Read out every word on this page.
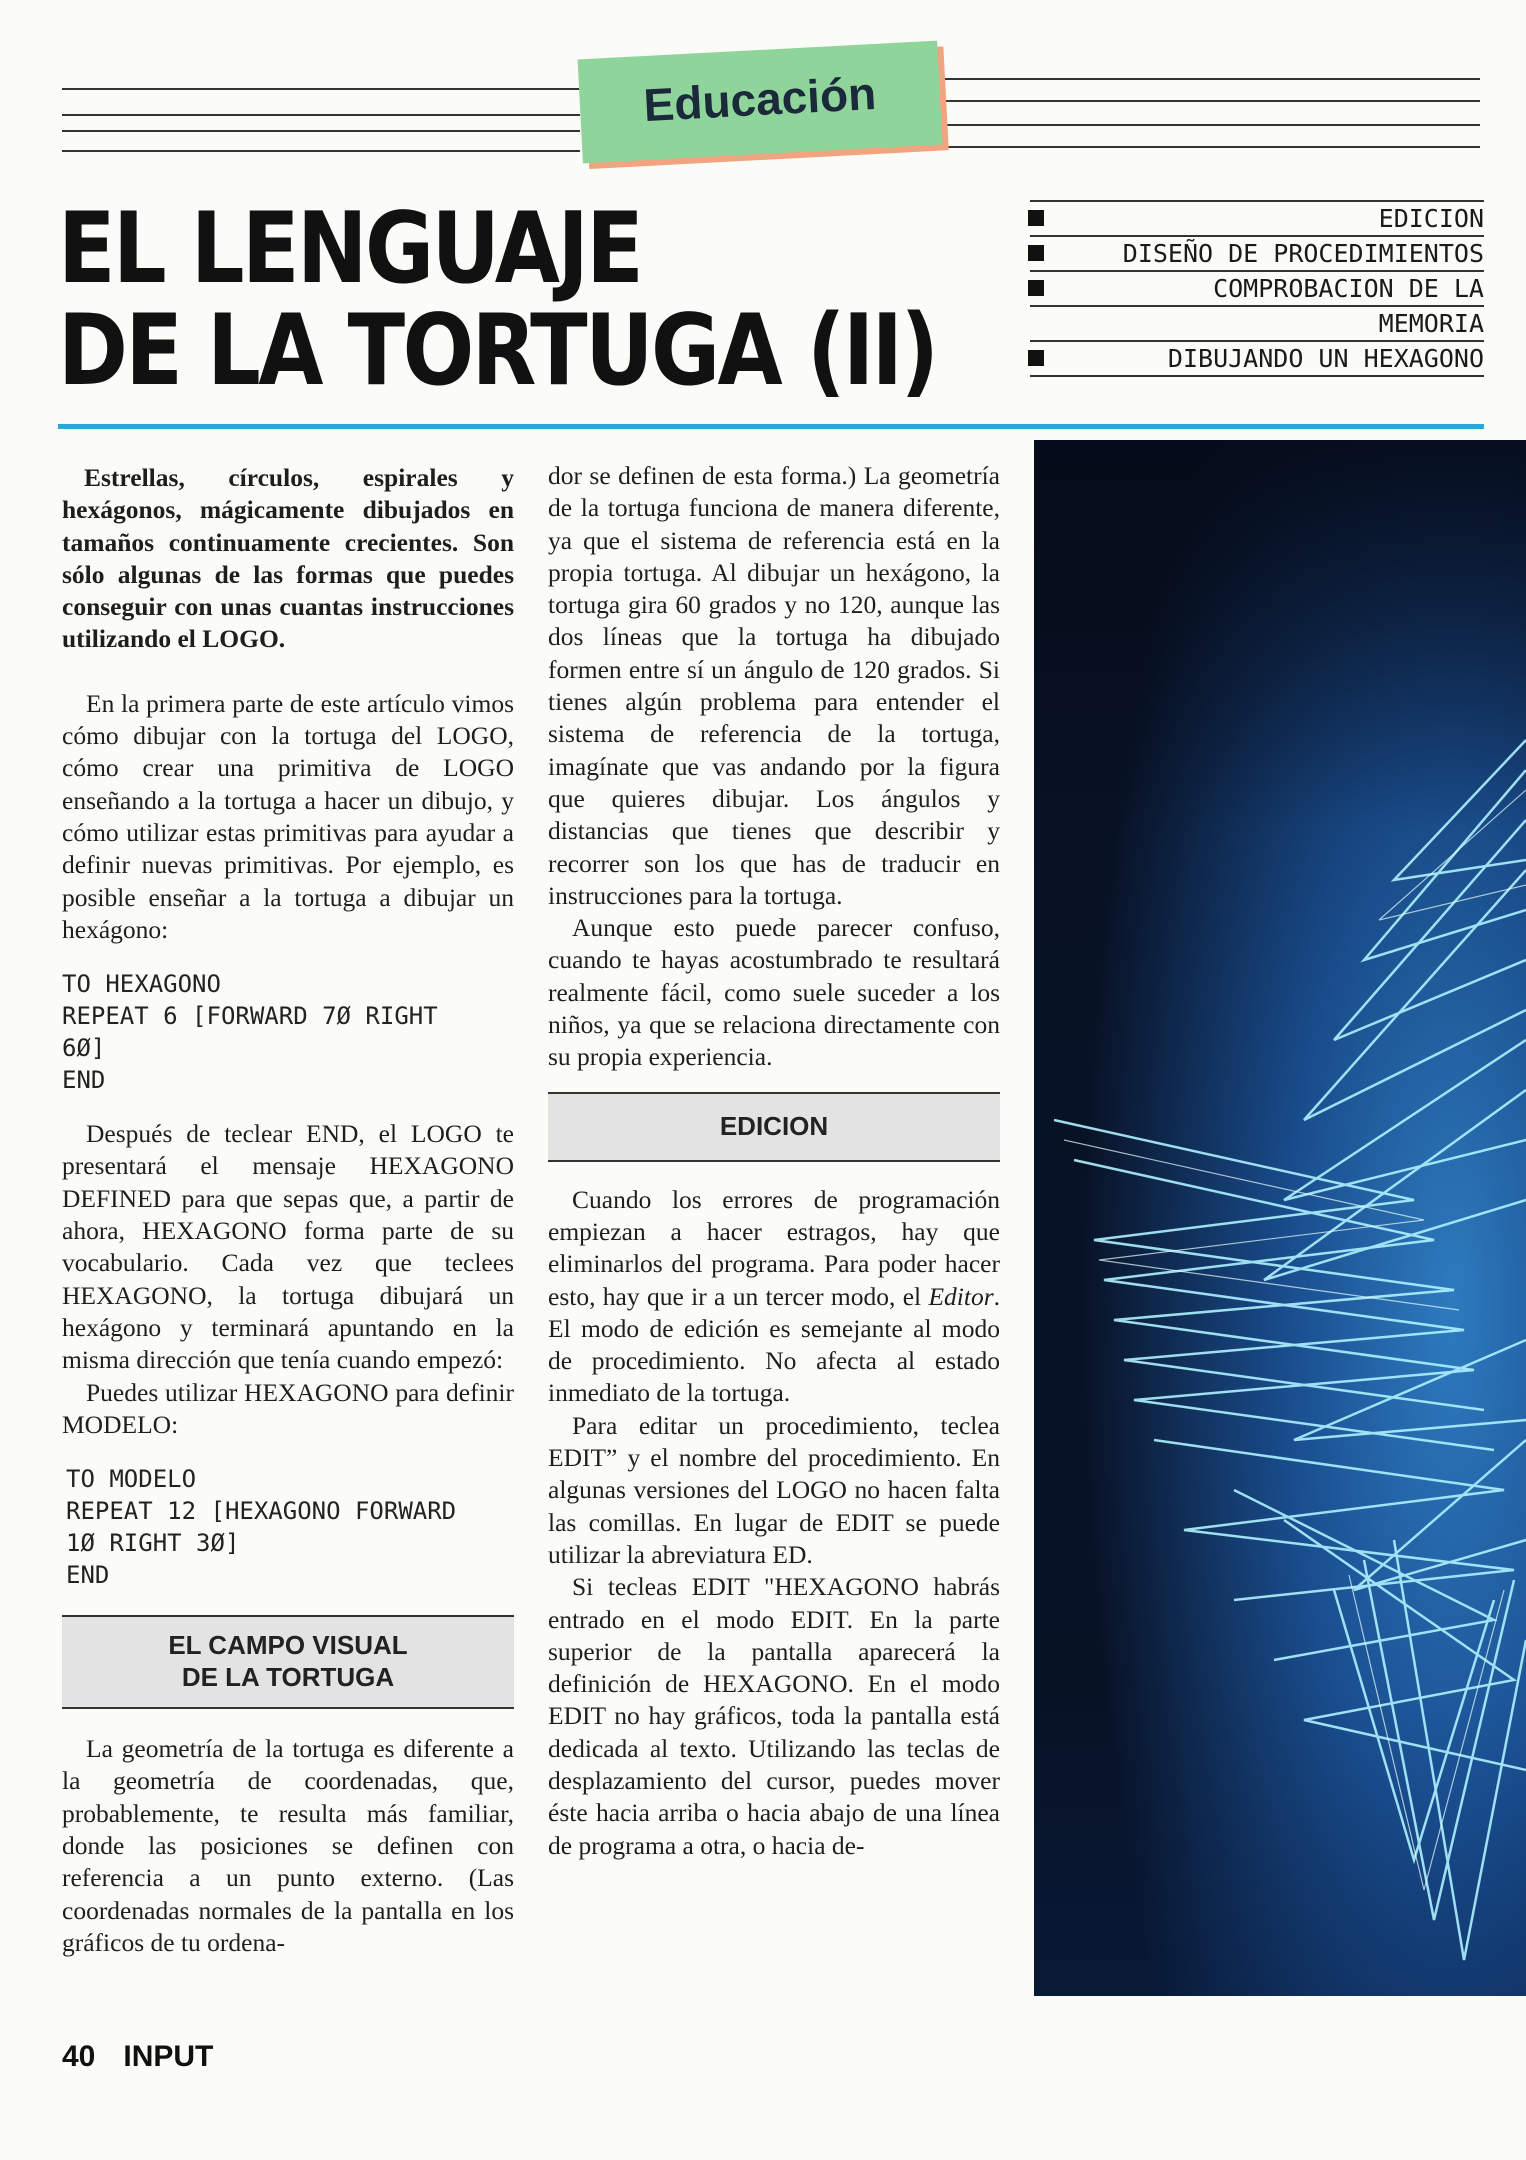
Educación
EL LENGUAJE
DE LA TORTUGA (II)
EDICION
DISEÑO DE PROCEDIMIENTOS
COMPROBACION DE LA
MEMORIA
DIBUJANDO UN HEXAGONO

Estrellas, círculos, espirales y hexágonos, mágicamente dibujados en tamaños continuamente crecientes. Son sólo algunas de las formas que puedes conseguir con unas cuantas instrucciones utilizando el LOGO.

En la primera parte de este artículo vimos cómo dibujar con la tortuga del LOGO, cómo crear una primitiva de LOGO enseñando a la tortuga a hacer un dibujo, y cómo utilizar estas primitivas para ayudar a definir nuevas primitivas. Por ejemplo, es posible enseñar a la tortuga a dibujar un hexágono:

TO HEXAGONO
REPEAT 6 [FORWARD 7Ø RIGHT
6Ø]
END

Después de teclear END, el LOGO te presentará el mensaje HEXAGONO DEFINED para que sepas que, a partir de ahora, HEXAGONO forma parte de su vocabulario. Cada vez que teclees HEXAGONO, la tortuga dibujará un hexágono y terminará apuntando en la misma dirección que tenía cuando empezó:

Puedes utilizar HEXAGONO para definir MODELO:

TO MODELO
REPEAT 12 [HEXAGONO FORWARD
1Ø RIGHT 3Ø]
END
EL CAMPO VISUAL
DE LA TORTUGA

La geometría de la tortuga es diferente a la geometría de coordenadas, que, probablemente, te resulta más familiar, donde las posiciones se definen con referencia a un punto externo. (Las coordenadas normales de la pantalla en los gráficos de tu ordena-

dor se definen de esta forma.) La geometría de la tortuga funciona de manera diferente, ya que el sistema de referencia está en la propia tortuga. Al dibujar un hexágono, la tortuga gira 60 grados y no 120, aunque las dos líneas que la tortuga ha dibujado formen entre sí un ángulo de 120 grados. Si tienes algún problema para entender el sistema de referencia de la tortuga, imagínate que vas andando por la figura que quieres dibujar. Los ángulos y distancias que tienes que describir y recorrer son los que has de traducir en instrucciones para la tortuga.

Aunque esto puede parecer confuso, cuando te hayas acostumbrado te resultará realmente fácil, como suele suceder a los niños, ya que se relaciona directamente con su propia experiencia.

EDICION

Cuando los errores de programación empiezan a hacer estragos, hay que eliminarlos del programa. Para poder hacer esto, hay que ir a un tercer modo, el Editor. El modo de edición es semejante al modo de procedimiento. No afecta al estado inmediato de la tortuga.

Para editar un procedimiento, teclea EDIT” y el nombre del procedimiento. En algunas versiones del LOGO no hacen falta las comillas. En lugar de EDIT se puede utilizar la abreviatura ED.

Si tecleas EDIT "HEXAGONO habrás entrado en el modo EDIT. En la parte superior de la pantalla aparecerá la definición de HEXAGONO. En el modo EDIT no hay gráficos, toda la pantalla está dedicada al texto. Utilizando las teclas de desplazamiento del cursor, puedes mover éste hacia arriba o hacia abajo de una línea de programa a otra, o hacia de-

40 INPUT
